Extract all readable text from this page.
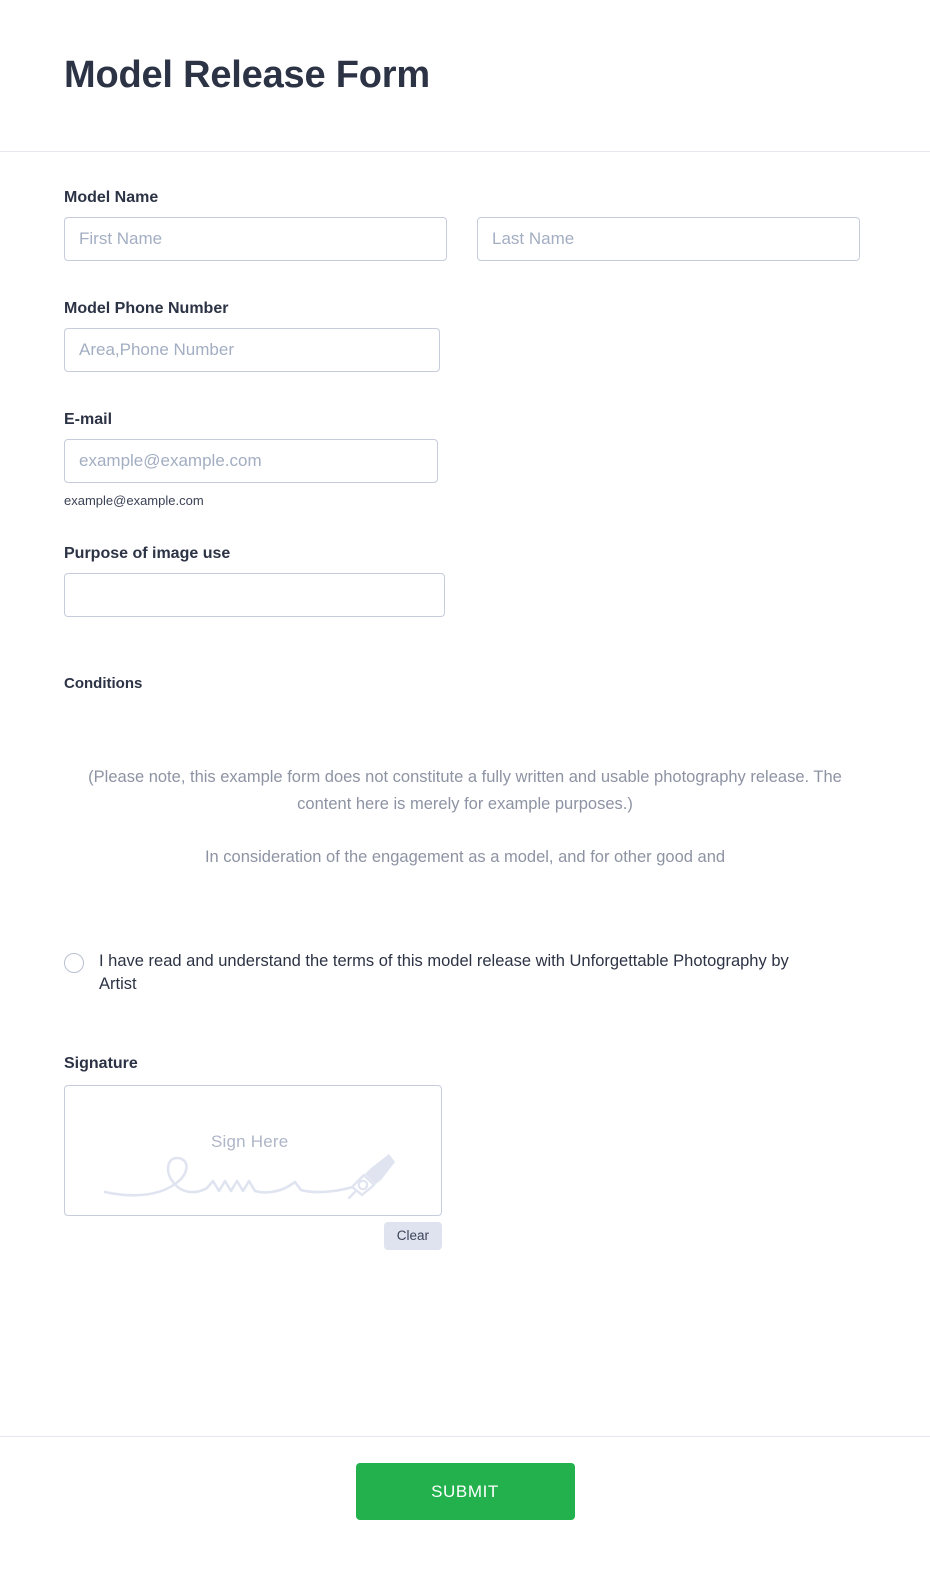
Model Release Form
Model Name
First Name
Last Name
Model Phone Number
Area,Phone Number
E-mail
example@example.com
example@example.com
Purpose of image use
Conditions

(Please note, this example form does not constitute a fully written and usable photography release. The content here is merely for example purposes.)

In consideration of the engagement as a model, and for other good and

I have read and understand the terms of this model release with Unforgettable Photography by Artist
Signature
Sign Here
Clear
SUBMIT
